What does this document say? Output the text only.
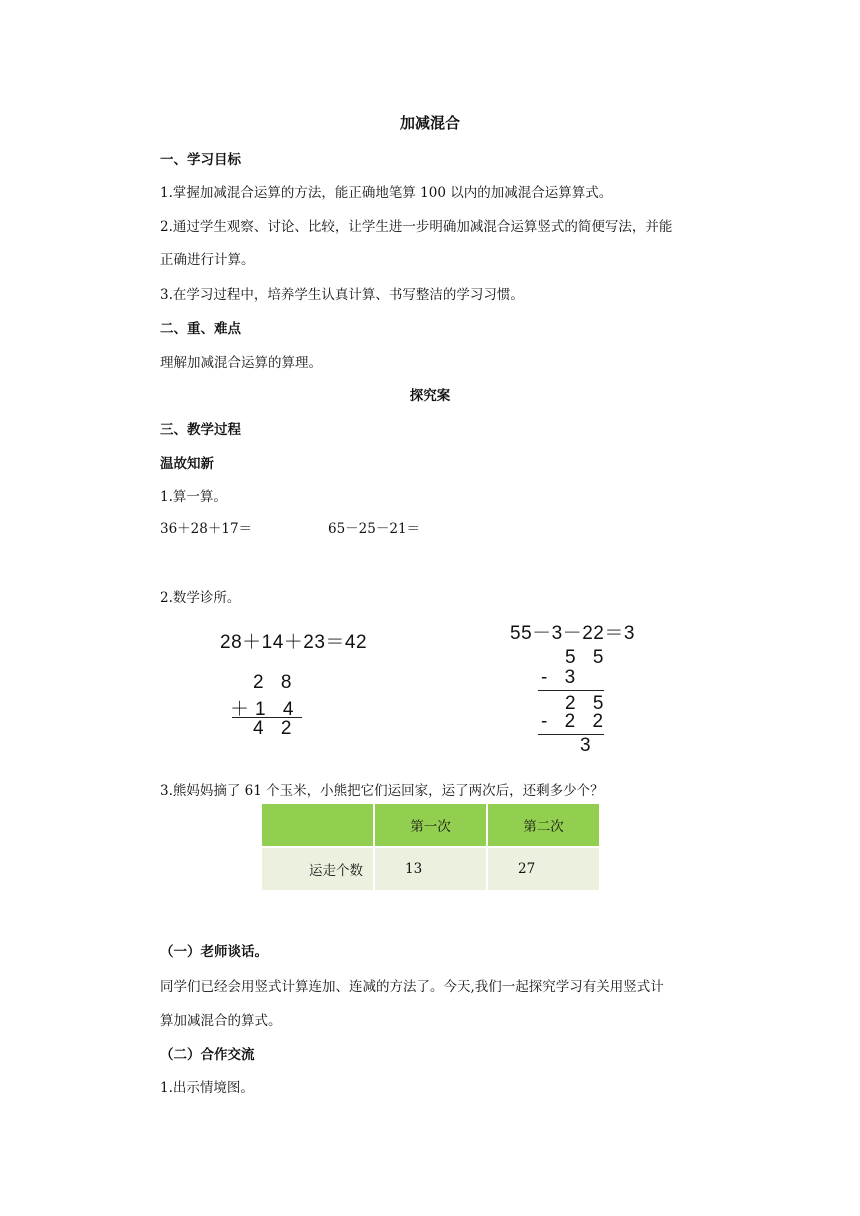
加减混合
一、学习目标
1.掌握加减混合运算的方法，能正确地笔算 100 以内的加减混合运算算式。
2.通过学生观察、讨论、比较，让学生进一步明确加减混合运算竖式的简便写法，并能
正确进行计算。
3.在学习过程中，培养学生认真计算、书写整洁的学习习惯。
二、重、难点
理解加减混合运算的算理。
探究案
三、教学过程
温故知新
1.算一算。
36＋28＋17＝	65－25－21＝
2.数学诊所。
28＋14＋23＝42
2 8
＋1 4
4 2
55－3－22＝3
5 5
- 3
2 5
- 2 2
3
3.熊妈妈摘了 61 个玉米，小熊把它们运回家，运了两次后，还剩多少个？
	第一次	第二次
运走个数	13	27
（一）老师谈话。
同学们已经会用竖式计算连加、连减的方法了。今天,我们一起探究学习有关用竖式计
算加减混合的算式。
（二）合作交流
1.出示情境图。
